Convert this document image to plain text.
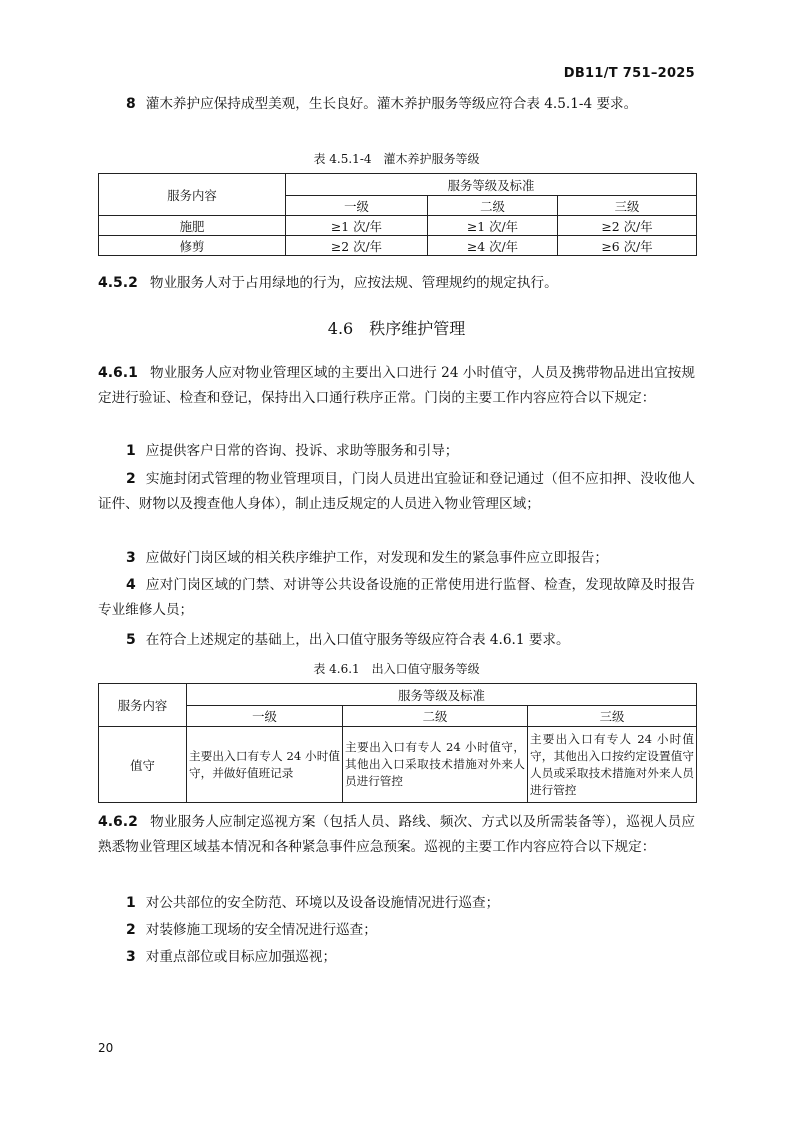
DB11/T 751–2025
8 灌木养护应保持成型美观，生长良好。灌木养护服务等级应符合表 4.5.1-4 要求。
表 4.5.1-4　灌木养护服务等级
服务内容	服务等级及标准		
	一级	二级	三级
施肥	≥1 次/年	≥1 次/年	≥2 次/年
修剪	≥2 次/年	≥4 次/年	≥6 次/年
4.5.2 物业服务人对于占用绿地的行为，应按法规、管理规约的规定执行。
4.6　秩序维护管理
4.6.1 物业服务人应对物业管理区域的主要出入口进行 24 小时值守，人员及携带物品进出宜按规定进行验证、检查和登记，保持出入口通行秩序正常。门岗的主要工作内容应符合以下规定：
1 应提供客户日常的咨询、投诉、求助等服务和引导；
2 实施封闭式管理的物业管理项目，门岗人员进出宜验证和登记通过（但不应扣押、没收他人证件、财物以及搜查他人身体），制止违反规定的人员进入物业管理区域；
3 应做好门岗区域的相关秩序维护工作，对发现和发生的紧急事件应立即报告；
4 应对门岗区域的门禁、对讲等公共设备设施的正常使用进行监督、检查，发现故障及时报告专业维修人员；
5 在符合上述规定的基础上，出入口值守服务等级应符合表 4.6.1 要求。
表 4.6.1　出入口值守服务等级
服务内容	服务等级及标准		
	一级	二级	三级
值守	主要出入口有专人 24 小时值守，并做好值班记录	主要出入口有专人 24 小时值守，其他出入口采取技术措施对外来人员进行管控	主要出入口有专人 24 小时值守，其他出入口按约定设置值守人员或采取技术措施对外来人员进行管控
4.6.2 物业服务人应制定巡视方案（包括人员、路线、频次、方式以及所需装备等），巡视人员应熟悉物业管理区域基本情况和各种紧急事件应急预案。巡视的主要工作内容应符合以下规定：
1 对公共部位的安全防范、环境以及设备设施情况进行巡查；
2 对装修施工现场的安全情况进行巡查；
3 对重点部位或目标应加强巡视；
20
